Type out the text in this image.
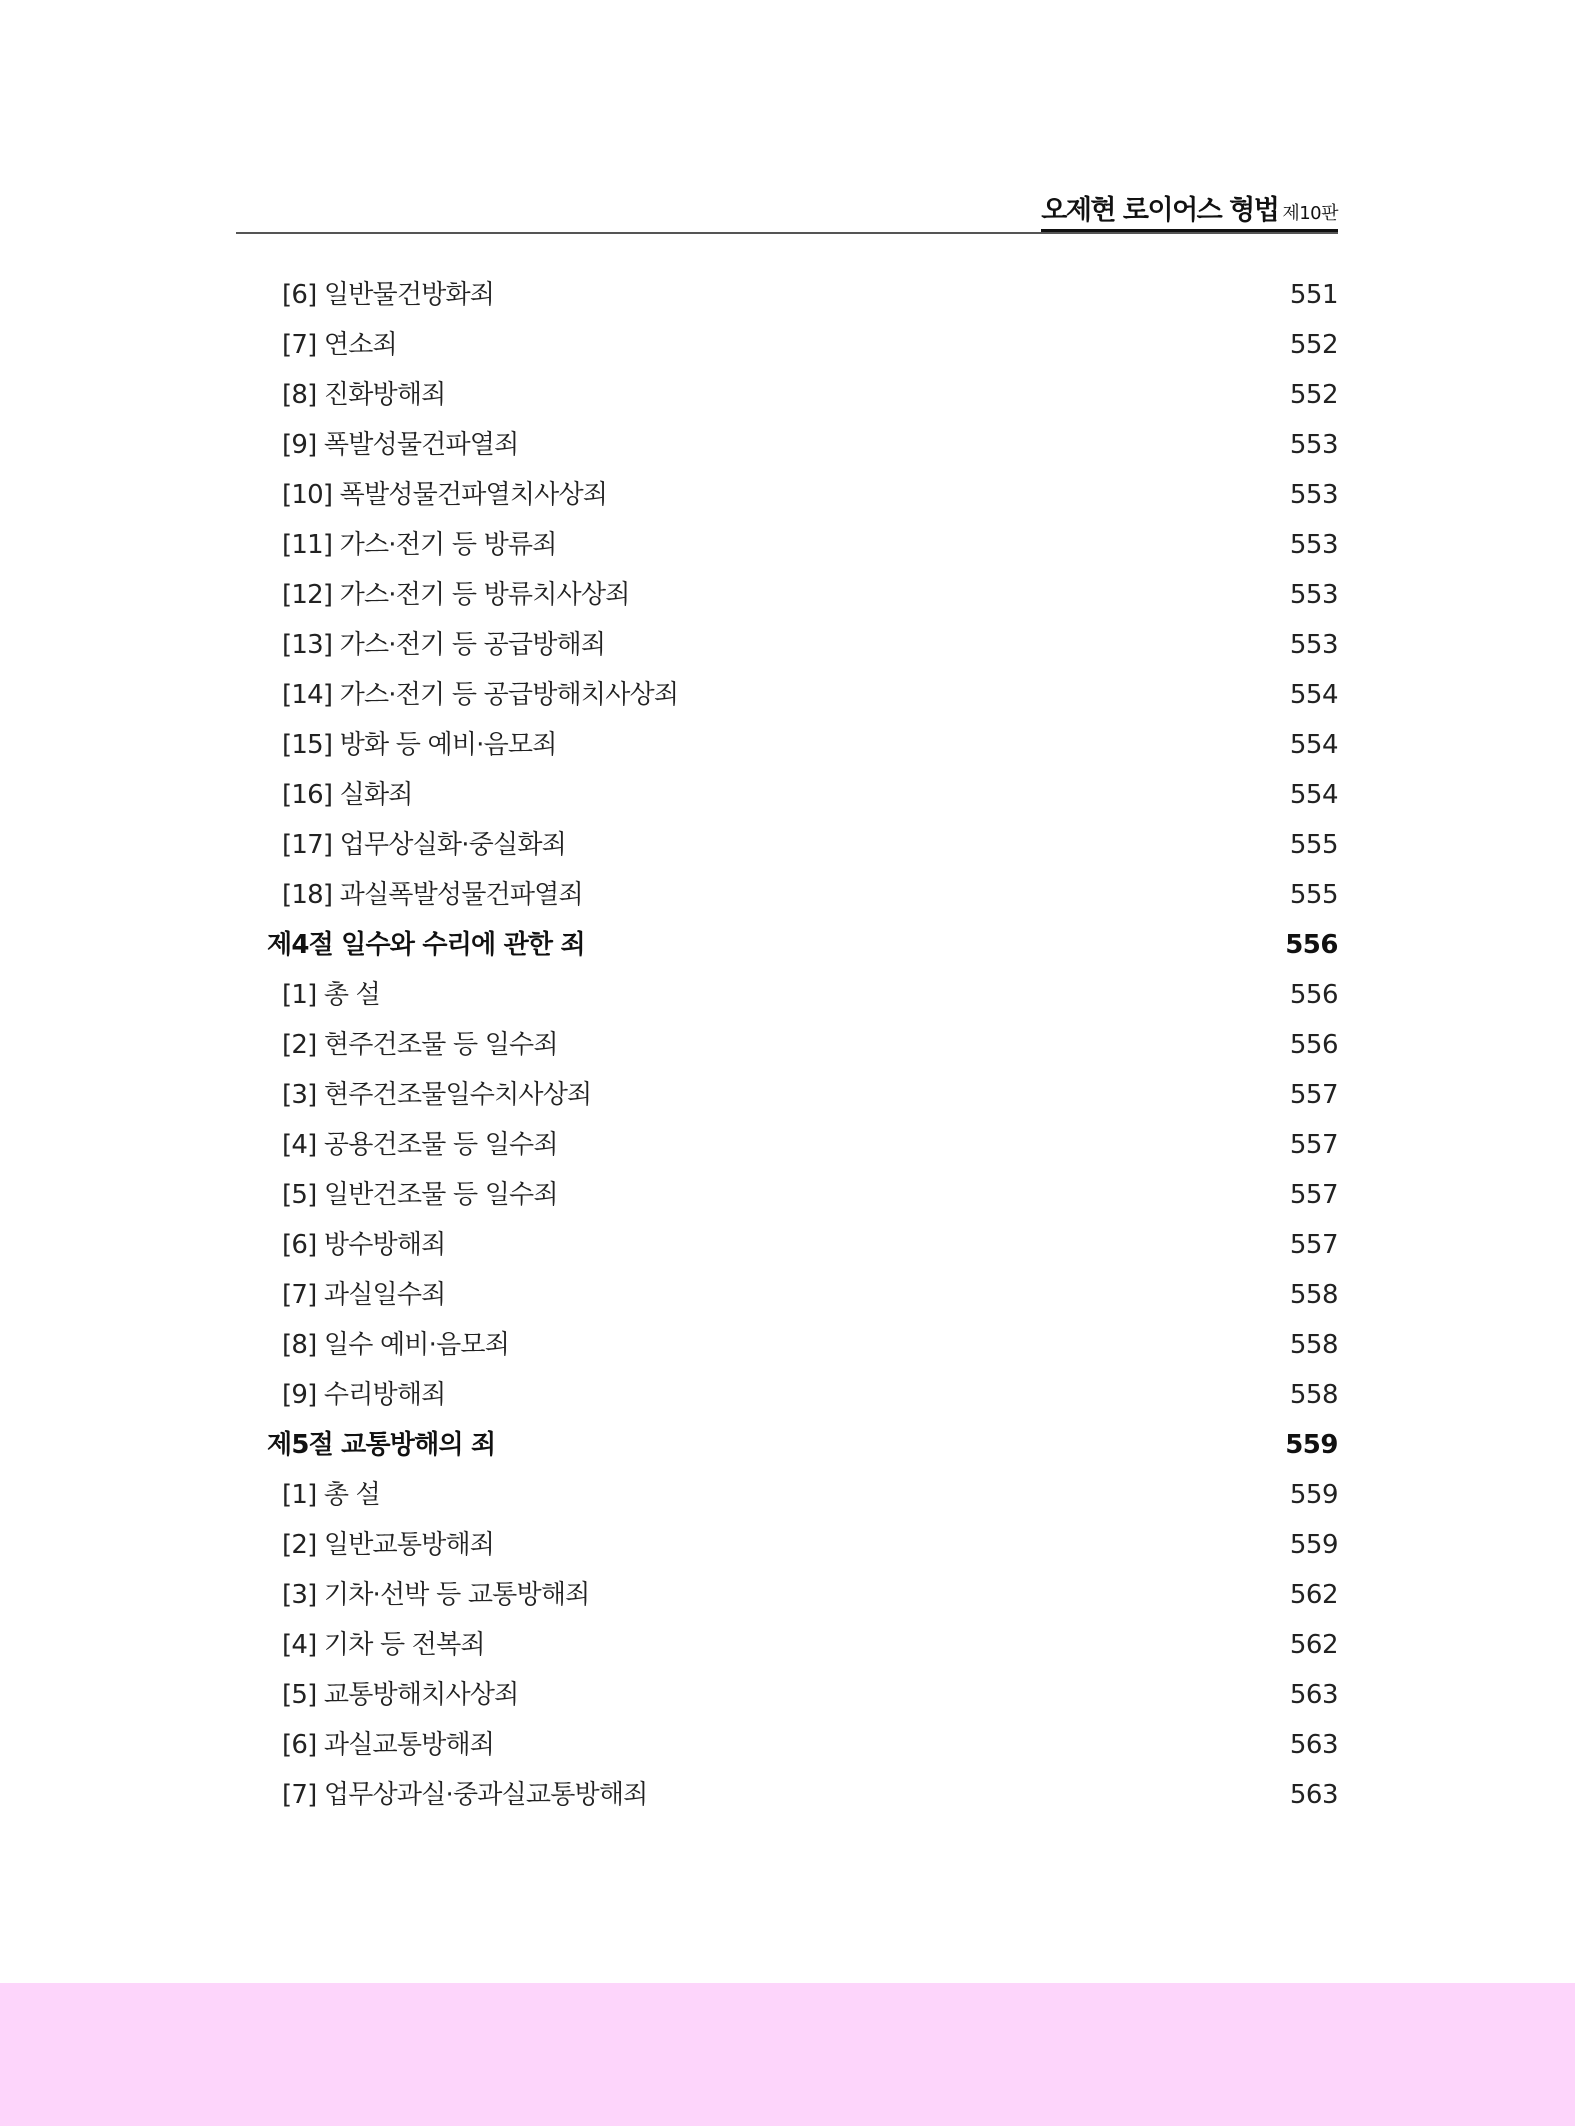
오제현 로이어스 형법 제10판
[6] 일반물건방화죄	551
[7] 연소죄	552
[8] 진화방해죄	552
[9] 폭발성물건파열죄	553
[10] 폭발성물건파열치사상죄	553
[11] 가스·전기 등 방류죄	553
[12] 가스·전기 등 방류치사상죄	553
[13] 가스·전기 등 공급방해죄	553
[14] 가스·전기 등 공급방해치사상죄	554
[15] 방화 등 예비·음모죄	554
[16] 실화죄	554
[17] 업무상실화·중실화죄	555
[18] 과실폭발성물건파열죄	555
제4절 일수와 수리에 관한 죄	556
[1] 총 설	556
[2] 현주건조물 등 일수죄	556
[3] 현주건조물일수치사상죄	557
[4] 공용건조물 등 일수죄	557
[5] 일반건조물 등 일수죄	557
[6] 방수방해죄	557
[7] 과실일수죄	558
[8] 일수 예비·음모죄	558
[9] 수리방해죄	558
제5절 교통방해의 죄	559
[1] 총 설	559
[2] 일반교통방해죄	559
[3] 기차·선박 등 교통방해죄	562
[4] 기차 등 전복죄	562
[5] 교통방해치사상죄	563
[6] 과실교통방해죄	563
[7] 업무상과실·중과실교통방해죄	563
